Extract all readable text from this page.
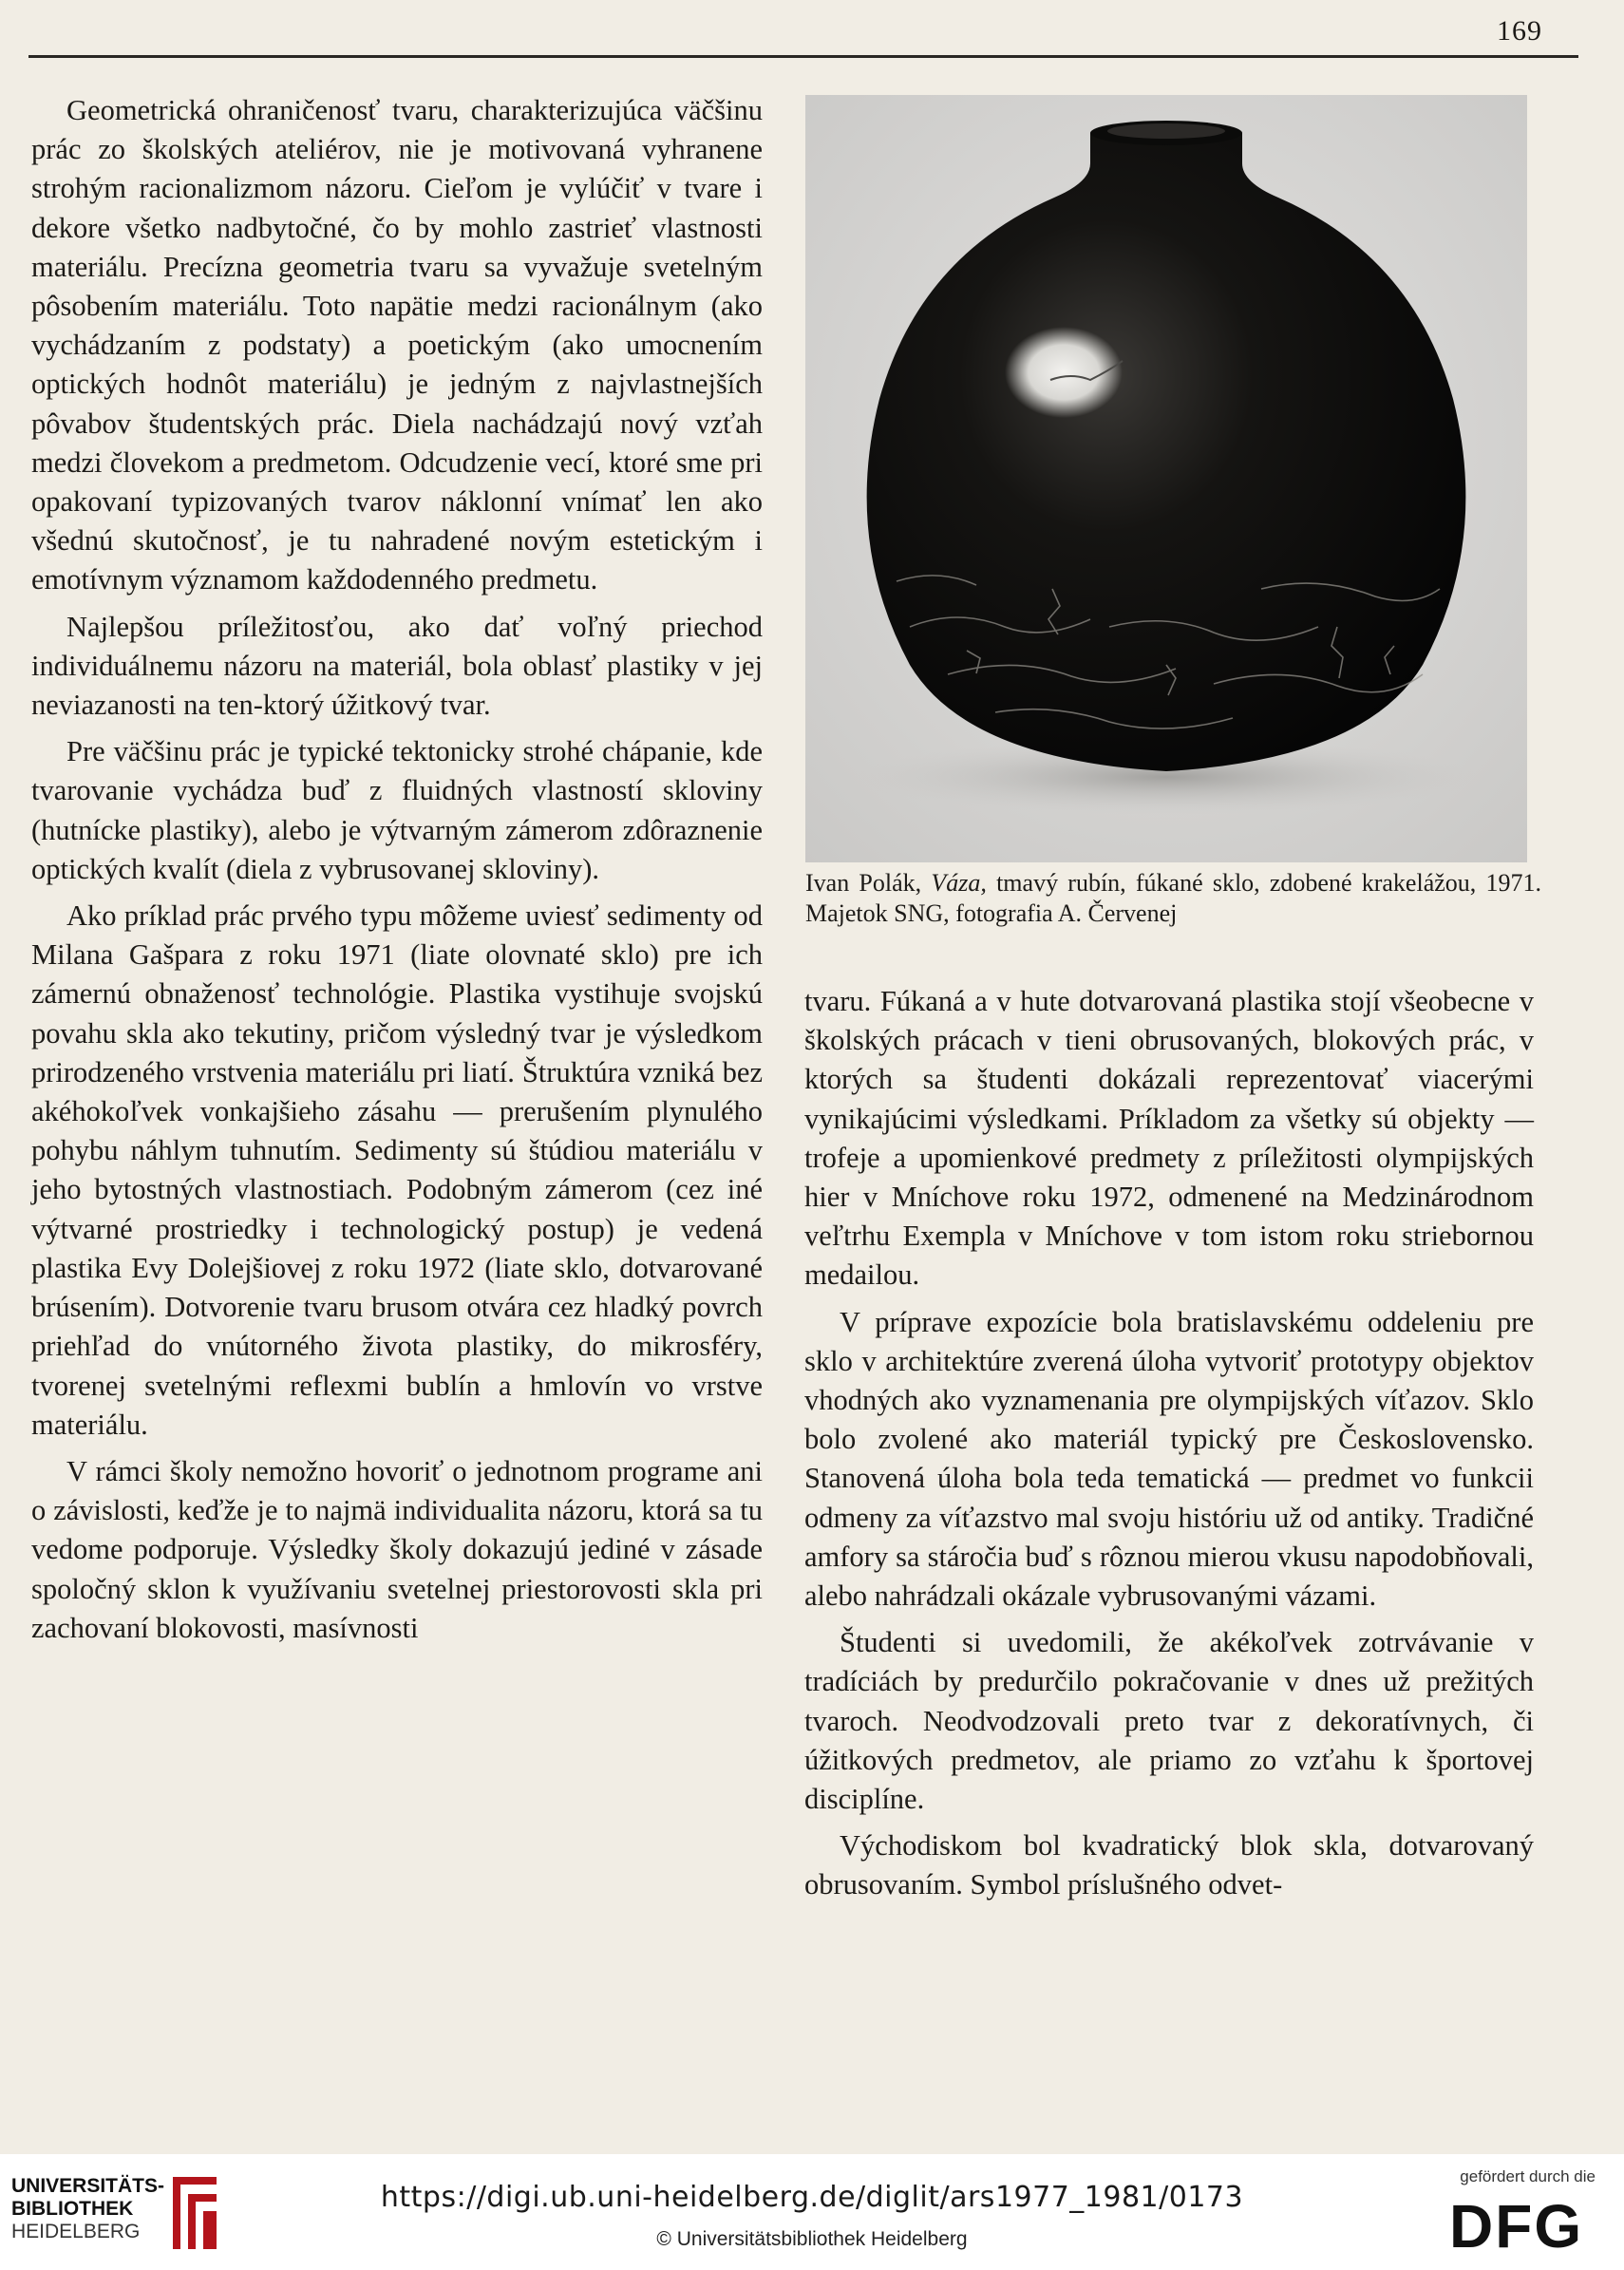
169

Geometrická ohraničenosť tvaru, charakterizujúca väčšinu prác zo školských ateliérov, nie je motivovaná vyhranene strohým racionalizmom názoru. Cieľom je vylúčiť v tvare i dekore všetko nadbytočné, čo by mohlo zastrieť vlastnosti materiálu. Precízna geometria tvaru sa vyvažuje svetelným pôsobením materiálu. Toto napätie medzi racionálnym (ako vychádzaním z podstaty) a poetickým (ako umocnením optických hodnôt materiálu) je jedným z najvlastnejších pôvabov študentských prác. Diela nachádzajú nový vzťah medzi človekom a predmetom. Odcudzenie vecí, ktoré sme pri opakovaní typizovaných tvarov náklonní vnímať len ako všednú skutočnosť, je tu nahradené novým estetickým i emotívnym významom každodenného predmetu.

Najlepšou príležitosťou, ako dať voľný priechod individuálnemu názoru na materiál, bola oblasť plastiky v jej neviazanosti na ten-ktorý úžitkový tvar.

Pre väčšinu prác je typické tektonicky strohé chápanie, kde tvarovanie vychádza buď z fluidných vlastností skloviny (hutnícke plastiky), alebo je výtvarným zámerom zdôraznenie optických kvalít (diela z vybrusovanej skloviny).

Ako príklad prác prvého typu môžeme uviesť sedimenty od Milana Gašpara z roku 1971 (liate olovnaté sklo) pre ich zámernú obnaženosť technológie. Plastika vystihuje svojskú povahu skla ako tekutiny, pričom výsledný tvar je výsledkom prirodzeného vrstvenia materiálu pri liatí. Štruktúra vzniká bez akéhokoľvek vonkajšieho zásahu — prerušením plynulého pohybu náhlym tuhnutím. Sedimenty sú štúdiou materiálu v jeho bytostných vlastnostiach. Podobným zámerom (cez iné výtvarné prostriedky i technologický postup) je vedená plastika Evy Dolejšiovej z roku 1972 (liate sklo, dotvarované brúsením). Dotvorenie tvaru brusom otvára cez hladký povrch priehľad do vnútorného života plastiky, do mikrosféry, tvorenej svetelnými reflexmi bublín a hmlovín vo vrstve materiálu.

V rámci školy nemožno hovoriť o jednotnom programe ani o závislosti, keďže je to najmä individualita názoru, ktorá sa tu vedome podporuje. Výsledky školy dokazujú jediné v zásade spoločný sklon k využívaniu svetelnej priestorovosti skla pri zachovaní blokovosti, masívnosti

Ivan Polák, Váza, tmavý rubín, fúkané sklo, zdobené krakelážou, 1971. Majetok SNG, fotografia A. Červenej

tvaru. Fúkaná a v hute dotvarovaná plastika stojí všeobecne v školských prácach v tieni obrusovaných, blokových prác, v ktorých sa študenti dokázali reprezentovať viacerými vynikajúcimi výsledkami. Príkladom za všetky sú objekty — trofeje a upomienkové predmety z príležitosti olympijských hier v Mníchove roku 1972, odmenené na Medzinárodnom veľtrhu Exempla v Mníchove v tom istom roku striebornou medailou.

V príprave expozície bola bratislavskému oddeleniu pre sklo v architektúre zverená úloha vytvoriť prototypy objektov vhodných ako vyznamenania pre olympijských víťazov. Sklo bolo zvolené ako materiál typický pre Československo. Stanovená úloha bola teda tematická — predmet vo funkcii odmeny za víťazstvo mal svoju históriu už od antiky. Tradičné amfory sa stáročia buď s rôznou mierou vkusu napodobňovali, alebo nahrádzali okázale vybrusovanými vázami.

Študenti si uvedomili, že akékoľvek zotrvávanie v tradíciách by predurčilo pokračovanie v dnes už prežitých tvaroch. Neodvodzovali preto tvar z dekoratívnych, či úžitkových predmetov, ale priamo zo vzťahu k športovej disciplíne.

Východiskom bol kvadratický blok skla, dotvarovaný obrusovaním. Symbol príslušného odvet-

UNIVERSITÄTS-
BIBLIOTHEK
HEIDELBERG
https://digi.ub.uni-heidelberg.de/diglit/ars1977_1981/0173
© Universitätsbibliothek Heidelberg
gefördert durch die
DFG
